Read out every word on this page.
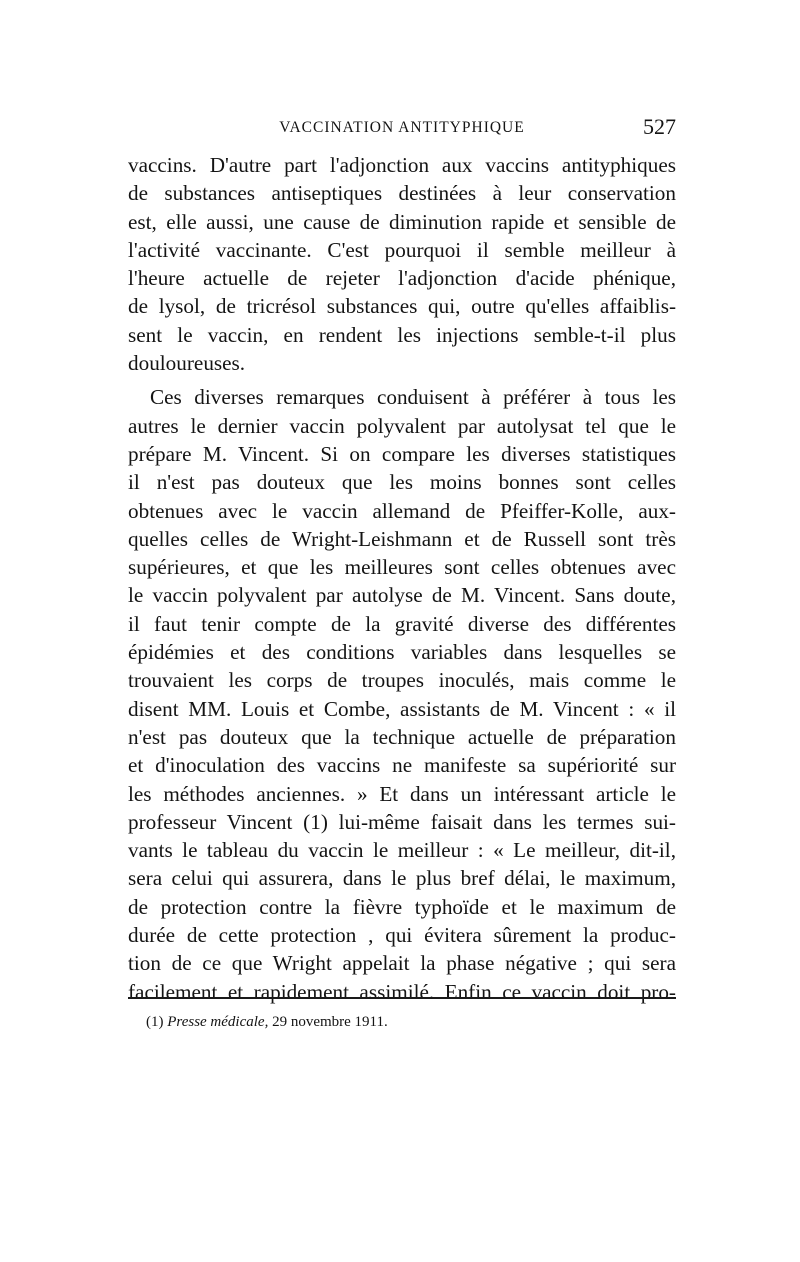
VACCINATION ANTITYPHIQUE	527
vaccins. D'autre part l'adjonction aux vaccins antityphiques
de substances antiseptiques destinées à leur conservation
est, elle aussi, une cause de diminution rapide et sensible de
l'activité vaccinante. C'est pourquoi il semble meilleur à
l'heure actuelle de rejeter l'adjonction d'acide phénique,
de lysol, de tricrésol substances qui, outre qu'elles affaiblis-
sent le vaccin, en rendent les injections semble-t-il plus
douloureuses.
Ces diverses remarques conduisent à préférer à tous les
autres le dernier vaccin polyvalent par autolysat tel que le
prépare M. Vincent. Si on compare les diverses statistiques
il n'est pas douteux que les moins bonnes sont celles
obtenues avec le vaccin allemand de Pfeiffer-Kolle, aux-
quelles celles de Wright-Leishmann et de Russell sont très
supérieures, et que les meilleures sont celles obtenues avec
le vaccin polyvalent par autolyse de M. Vincent. Sans doute,
il faut tenir compte de la gravité diverse des différentes
épidémies et des conditions variables dans lesquelles se
trouvaient les corps de troupes inoculés, mais comme le
disent MM. Louis et Combe, assistants de M. Vincent : « il
n'est pas douteux que la technique actuelle de préparation
et d'inoculation des vaccins ne manifeste sa supériorité sur
les méthodes anciennes. » Et dans un intéressant article le
professeur Vincent (1) lui-même faisait dans les termes sui-
vants le tableau du vaccin le meilleur : « Le meilleur, dit-il,
sera celui qui assurera, dans le plus bref délai, le maximum,
de protection contre la fièvre typhoïde et le maximum de
durée de cette protection , qui évitera sûrement la produc-
tion de ce que Wright appelait la phase négative ; qui sera
facilement et rapidement assimilé. Enfin ce vaccin doit pro-
(1) Presse médicale, 29 novembre 1911.
